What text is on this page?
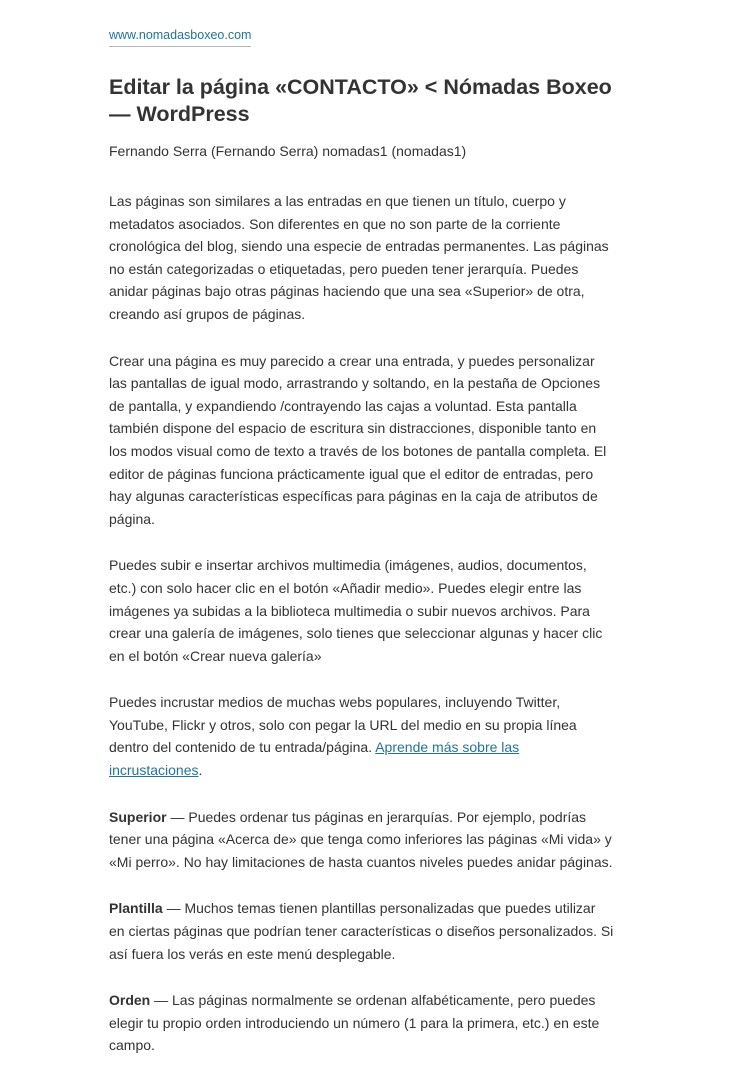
www.nomadasboxeo.com
Editar la página «CONTACTO» < Nómadas Boxeo — WordPress

Fernando Serra (Fernando Serra) nomadas1 (nomadas1)

Las páginas son similares a las entradas en que tienen un título, cuerpo y metadatos asociados. Son diferentes en que no son parte de la corriente cronológica del blog, siendo una especie de entradas permanentes. Las páginas no están categorizadas o etiquetadas, pero pueden tener jerarquía. Puedes anidar páginas bajo otras páginas haciendo que una sea «Superior» de otra, creando así grupos de páginas.

Crear una página es muy parecido a crear una entrada, y puedes personalizar las pantallas de igual modo, arrastrando y soltando, en la pestaña de Opciones de pantalla, y expandiendo /contrayendo las cajas a voluntad. Esta pantalla también dispone del espacio de escritura sin distracciones, disponible tanto en los modos visual como de texto a través de los botones de pantalla completa. El editor de páginas funciona prácticamente igual que el editor de entradas, pero hay algunas características específicas para páginas en la caja de atributos de página.

Puedes subir e insertar archivos multimedia (imágenes, audios, documentos, etc.) con solo hacer clic en el botón «Añadir medio». Puedes elegir entre las imágenes ya subidas a la biblioteca multimedia o subir nuevos archivos. Para crear una galería de imágenes, solo tienes que seleccionar algunas y hacer clic en el botón «Crear nueva galería»

Puedes incrustar medios de muchas webs populares, incluyendo Twitter, YouTube, Flickr y otros, solo con pegar la URL del medio en su propia línea dentro del contenido de tu entrada/página. Aprende más sobre las incrustaciones.

Superior — Puedes ordenar tus páginas en jerarquías. Por ejemplo, podrías tener una página «Acerca de» que tenga como inferiores las páginas «Mi vida» y «Mi perro». No hay limitaciones de hasta cuantos niveles puedes anidar páginas.

Plantilla — Muchos temas tienen plantillas personalizadas que puedes utilizar en ciertas páginas que podrían tener características o diseños personalizados. Si así fuera los verás en este menú desplegable.

Orden — Las páginas normalmente se ordenan alfabéticamente, pero puedes elegir tu propio orden introduciendo un número (1 para la primera, etc.) en este campo.
